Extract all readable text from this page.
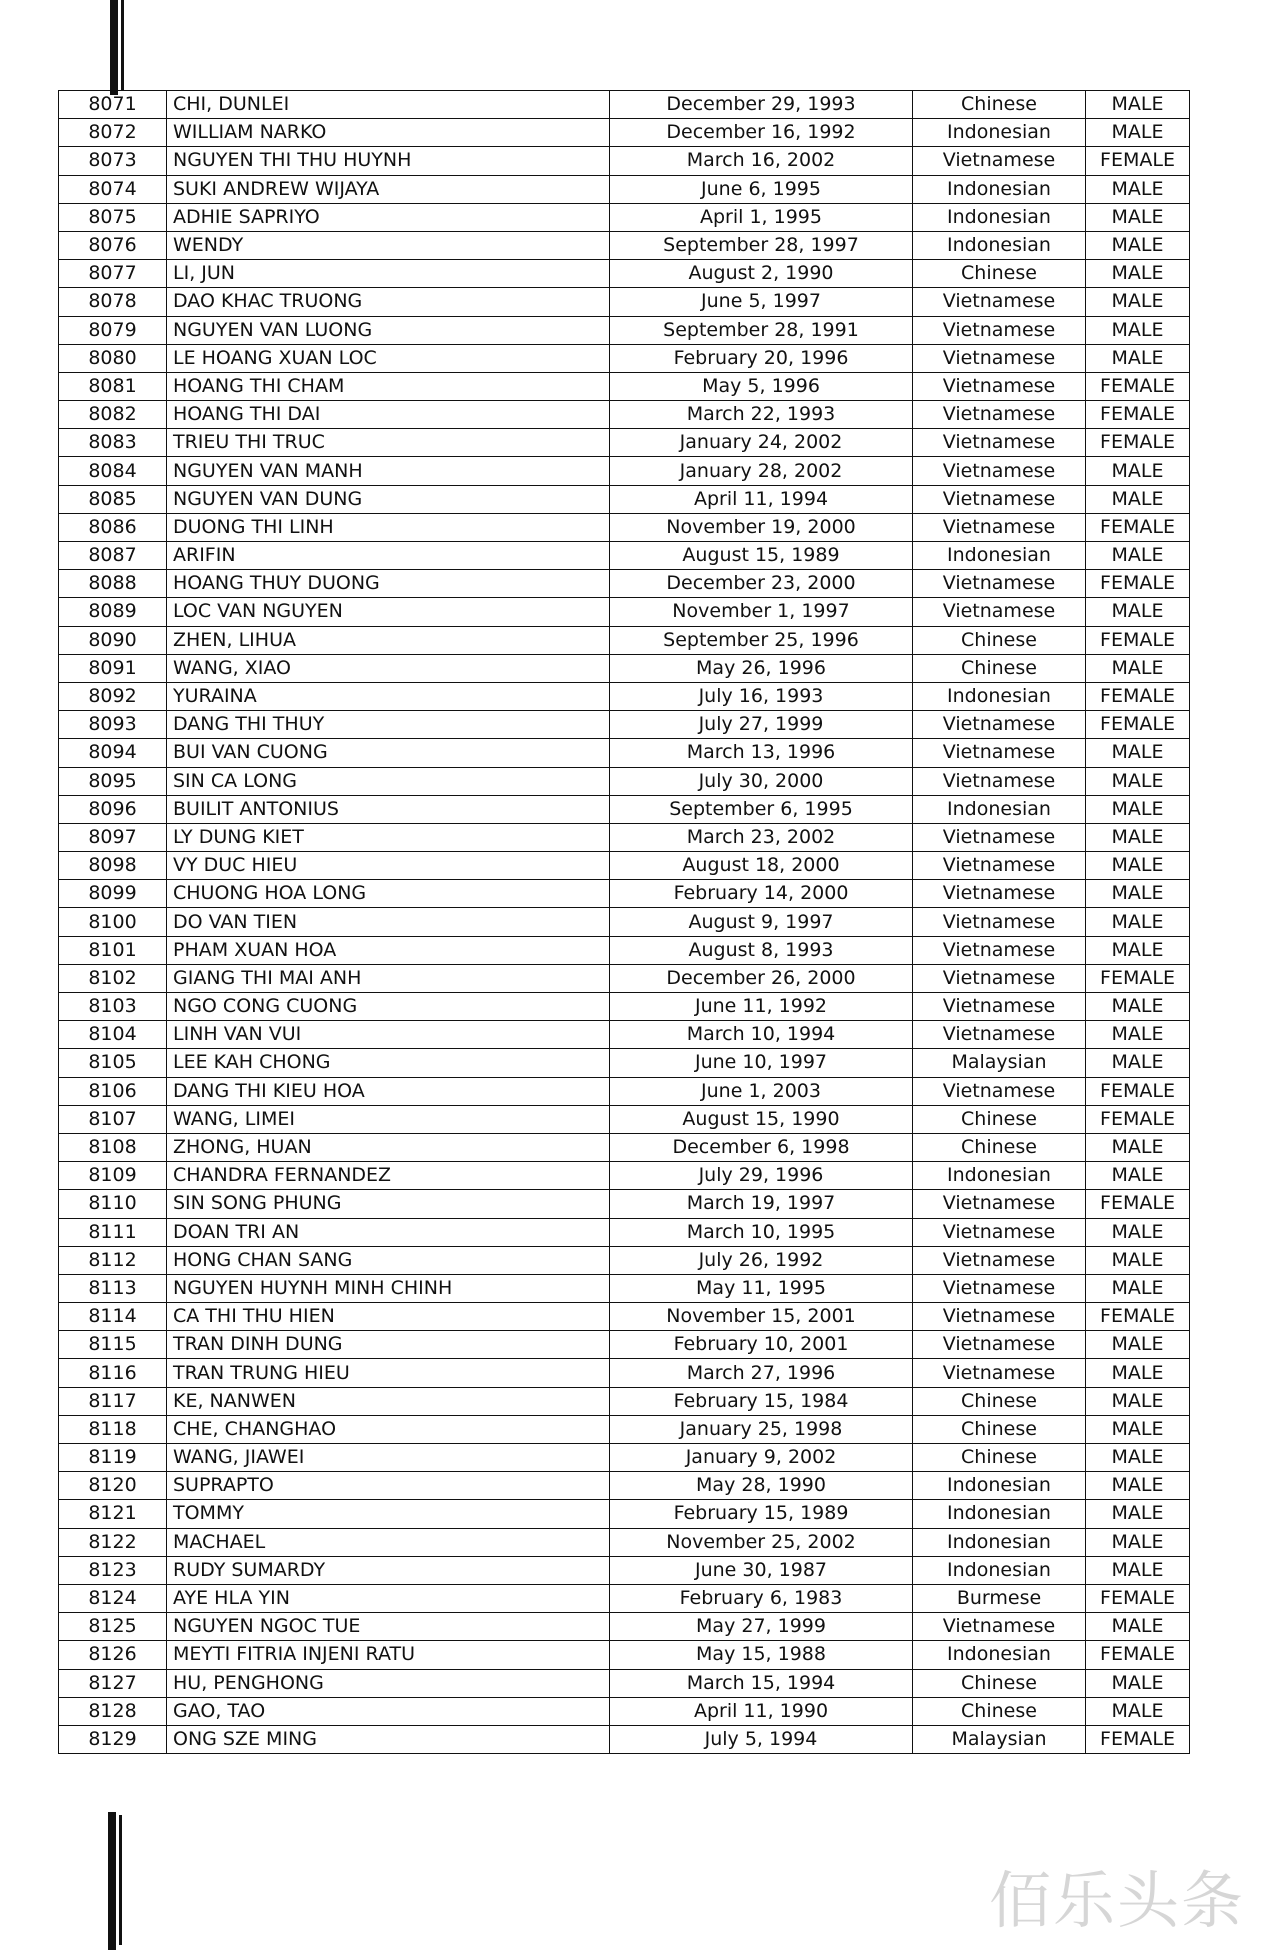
8071	CHI, DUNLEI	December 29, 1993	Chinese	MALE
8072	WILLIAM NARKO	December 16, 1992	Indonesian	MALE
8073	NGUYEN THI THU HUYNH	March 16, 2002	Vietnamese	FEMALE
8074	SUKI ANDREW WIJAYA	June 6, 1995	Indonesian	MALE
8075	ADHIE SAPRIYO	April 1, 1995	Indonesian	MALE
8076	WENDY	September 28, 1997	Indonesian	MALE
8077	LI, JUN	August 2, 1990	Chinese	MALE
8078	DAO KHAC TRUONG	June 5, 1997	Vietnamese	MALE
8079	NGUYEN VAN LUONG	September 28, 1991	Vietnamese	MALE
8080	LE HOANG XUAN LOC	February 20, 1996	Vietnamese	MALE
8081	HOANG THI CHAM	May 5, 1996	Vietnamese	FEMALE
8082	HOANG THI DAI	March 22, 1993	Vietnamese	FEMALE
8083	TRIEU THI TRUC	January 24, 2002	Vietnamese	FEMALE
8084	NGUYEN VAN MANH	January 28, 2002	Vietnamese	MALE
8085	NGUYEN VAN DUNG	April 11, 1994	Vietnamese	MALE
8086	DUONG THI LINH	November 19, 2000	Vietnamese	FEMALE
8087	ARIFIN	August 15, 1989	Indonesian	MALE
8088	HOANG THUY DUONG	December 23, 2000	Vietnamese	FEMALE
8089	LOC VAN NGUYEN	November 1, 1997	Vietnamese	MALE
8090	ZHEN, LIHUA	September 25, 1996	Chinese	FEMALE
8091	WANG, XIAO	May 26, 1996	Chinese	MALE
8092	YURAINA	July 16, 1993	Indonesian	FEMALE
8093	DANG THI THUY	July 27, 1999	Vietnamese	FEMALE
8094	BUI VAN CUONG	March 13, 1996	Vietnamese	MALE
8095	SIN CA LONG	July 30, 2000	Vietnamese	MALE
8096	BUILIT ANTONIUS	September 6, 1995	Indonesian	MALE
8097	LY DUNG KIET	March 23, 2002	Vietnamese	MALE
8098	VY DUC HIEU	August 18, 2000	Vietnamese	MALE
8099	CHUONG HOA LONG	February 14, 2000	Vietnamese	MALE
8100	DO VAN TIEN	August 9, 1997	Vietnamese	MALE
8101	PHAM XUAN HOA	August 8, 1993	Vietnamese	MALE
8102	GIANG THI MAI ANH	December 26, 2000	Vietnamese	FEMALE
8103	NGO CONG CUONG	June 11, 1992	Vietnamese	MALE
8104	LINH VAN VUI	March 10, 1994	Vietnamese	MALE
8105	LEE KAH CHONG	June 10, 1997	Malaysian	MALE
8106	DANG THI KIEU HOA	June 1, 2003	Vietnamese	FEMALE
8107	WANG, LIMEI	August 15, 1990	Chinese	FEMALE
8108	ZHONG, HUAN	December 6, 1998	Chinese	MALE
8109	CHANDRA FERNANDEZ	July 29, 1996	Indonesian	MALE
8110	SIN SONG PHUNG	March 19, 1997	Vietnamese	FEMALE
8111	DOAN TRI AN	March 10, 1995	Vietnamese	MALE
8112	HONG CHAN SANG	July 26, 1992	Vietnamese	MALE
8113	NGUYEN HUYNH MINH CHINH	May 11, 1995	Vietnamese	MALE
8114	CA THI THU HIEN	November 15, 2001	Vietnamese	FEMALE
8115	TRAN DINH DUNG	February 10, 2001	Vietnamese	MALE
8116	TRAN TRUNG HIEU	March 27, 1996	Vietnamese	MALE
8117	KE, NANWEN	February 15, 1984	Chinese	MALE
8118	CHE, CHANGHAO	January 25, 1998	Chinese	MALE
8119	WANG, JIAWEI	January 9, 2002	Chinese	MALE
8120	SUPRAPTO	May 28, 1990	Indonesian	MALE
8121	TOMMY	February 15, 1989	Indonesian	MALE
8122	MACHAEL	November 25, 2002	Indonesian	MALE
8123	RUDY SUMARDY	June 30, 1987	Indonesian	MALE
8124	AYE HLA YIN	February 6, 1983	Burmese	FEMALE
8125	NGUYEN NGOC TUE	May 27, 1999	Vietnamese	MALE
8126	MEYTI FITRIA INJENI RATU	May 15, 1988	Indonesian	FEMALE
8127	HU, PENGHONG	March 15, 1994	Chinese	MALE
8128	GAO, TAO	April 11, 1990	Chinese	MALE
8129	ONG SZE MING	July 5, 1994	Malaysian	FEMALE
佰乐头条
